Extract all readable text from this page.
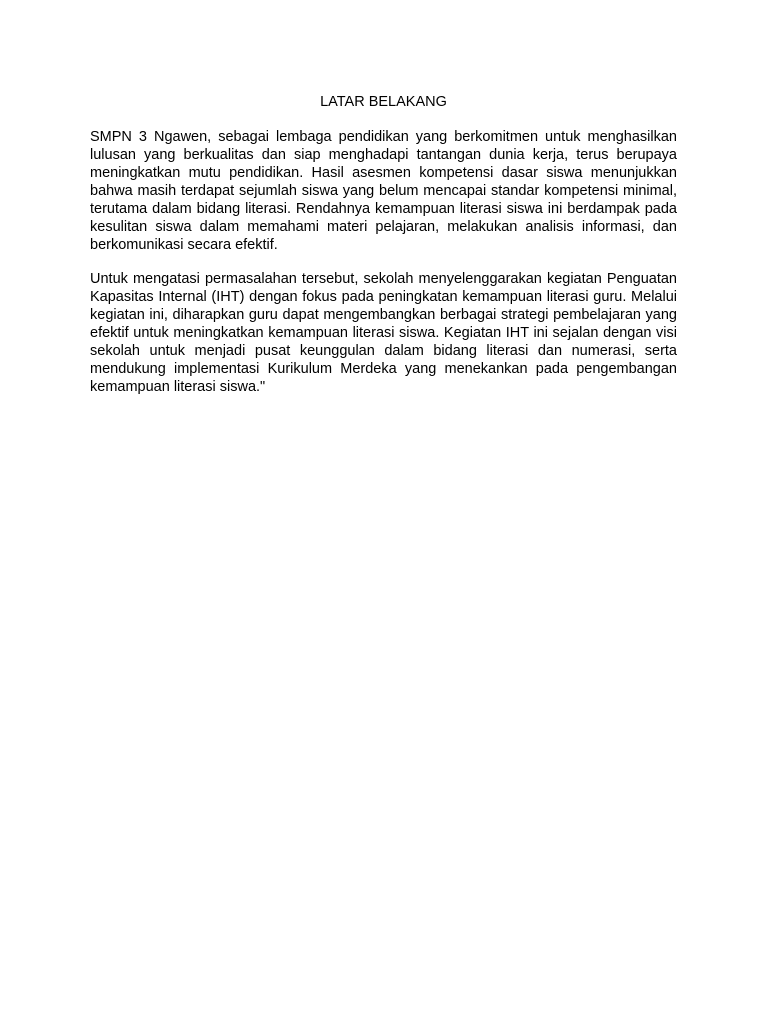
LATAR BELAKANG

SMPN 3 Ngawen, sebagai lembaga pendidikan yang berkomitmen untuk menghasilkan lulusan yang berkualitas dan siap menghadapi tantangan dunia kerja, terus berupaya meningkatkan mutu pendidikan. Hasil asesmen kompetensi dasar siswa menunjukkan bahwa masih terdapat sejumlah siswa yang belum mencapai standar kompetensi minimal, terutama dalam bidang literasi. Rendahnya kemampuan literasi siswa ini berdampak pada kesulitan siswa dalam memahami materi pelajaran, melakukan analisis informasi, dan berkomunikasi secara efektif.

Untuk mengatasi permasalahan tersebut, sekolah menyelenggarakan kegiatan Penguatan Kapasitas Internal (IHT) dengan fokus pada peningkatan kemampuan literasi guru. Melalui kegiatan ini, diharapkan guru dapat mengembangkan berbagai strategi pembelajaran yang efektif untuk meningkatkan kemampuan literasi siswa. Kegiatan IHT ini sejalan dengan visi sekolah untuk menjadi pusat keunggulan dalam bidang literasi dan numerasi, serta mendukung implementasi Kurikulum Merdeka yang menekankan pada pengembangan kemampuan literasi siswa."
